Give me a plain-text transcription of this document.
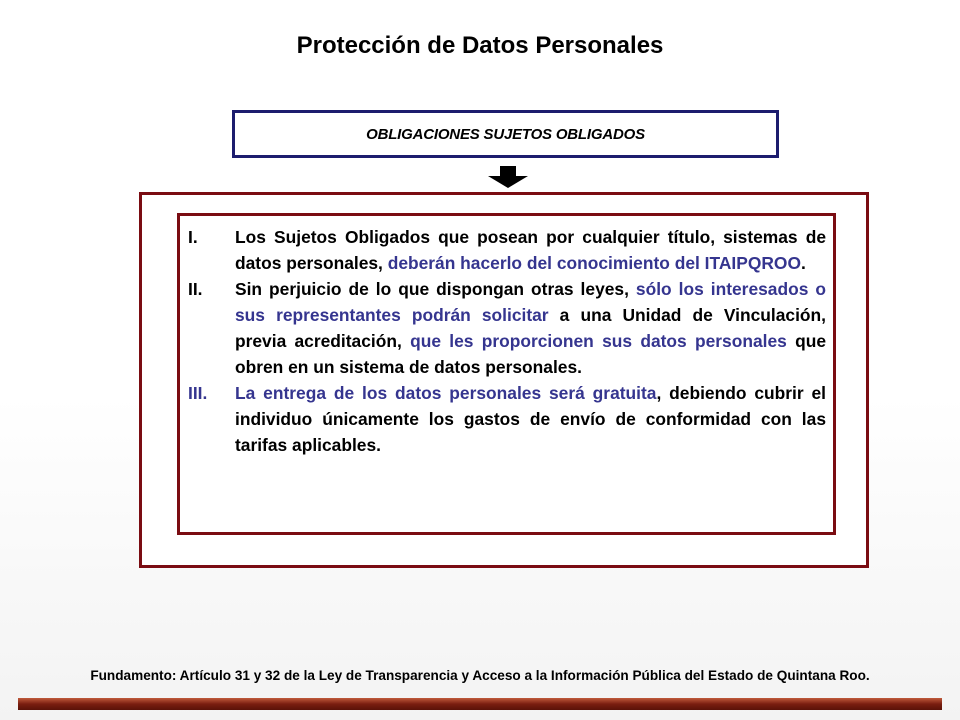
Protección de Datos Personales
OBLIGACIONES SUJETOS OBLIGADOS
I.	Los Sujetos Obligados que posean por cualquier título, sistemas de datos personales, deberán hacerlo del conocimiento del ITAIPQROO.
II.	Sin perjuicio de lo que dispongan otras leyes, sólo los interesados o sus representantes podrán solicitar a una Unidad de Vinculación, previa acreditación, que les proporcionen sus datos personales que obren en un sistema de datos personales.
III.	La entrega de los datos personales será gratuita, debiendo cubrir el individuo únicamente los gastos de envío de conformidad con las tarifas aplicables.
Fundamento: Artículo 31 y 32 de la Ley de Transparencia y Acceso a la Información Pública del Estado de Quintana Roo.
